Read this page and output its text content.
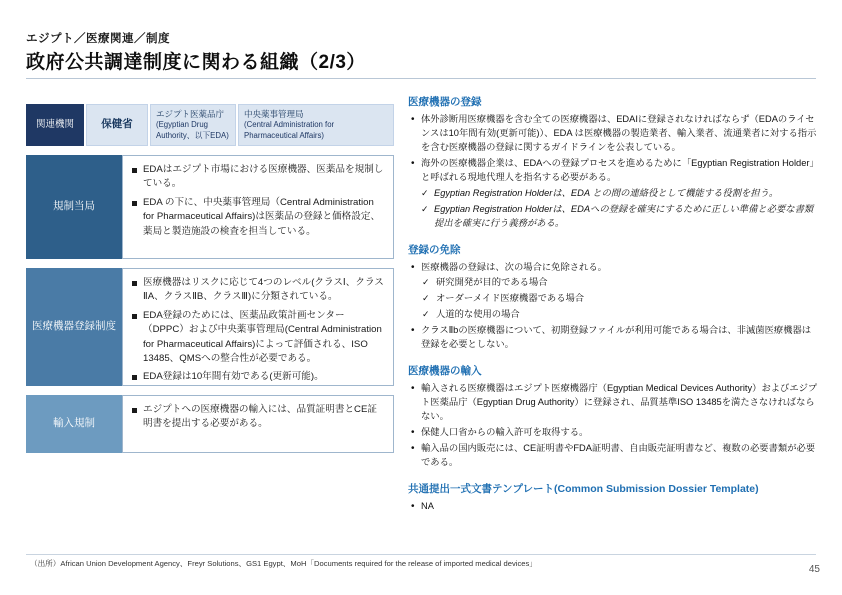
エジプト／医療関連／制度
政府公共調達制度に関わる組織（2/3）
関連機関	保健省
エジプト医薬品庁
(Egyptian Drug Authority、以下EDA)
中央薬事管理局
(Central Administration for Pharmaceutical Affairs)
規制当局
EDAはエジプト市場における医療機器、医薬品を規制している。
EDA の下に、中央薬事管理局（Central Administration for Pharmaceutical Affairs)は医薬品の登録と価格設定、薬局と製造施設の検査を担当している。
医療機器登録制度
医療機器はリスクに応じて4つのレベル(クラスⅠ、クラスⅡA、クラスⅡB、クラスⅢ)に分類されている。
EDA登録のためには、医薬品政策計画センター（DPPC）および中央薬事管理局(Central Administration for Pharmaceutical Affairs)によって評価される、ISO 13485、QMSへの整合性が必要である。
EDA登録は10年間有効である(更新可能)。
輸入規制
エジプトへの医療機器の輸入には、品質証明書とCE証明書を提出する必要がある。
医療機器の登録
• 体外診断用医療機器を含む全ての医療機器は、EDAIに登録されなければならず（EDAのライセンスは10年間有効(更新可能)）、EDA は医療機器の製造業者、輸入業者、流通業者に対する指示を含む医療機器の登録に関するガイドラインを公表している。
• 海外の医療機器企業は、EDAへの登録プロセスを進めるために「Egyptian Registration Holder」と呼ばれる現地代理人を指名する必要がある。
✓ Egyptian Registration Holderは、EDA との間の連絡役として機能する役割を担う。
✓ Egyptian Registration Holderは、EDAへの登録を確実にするために正しい準備と必要な書類提出を確実に行う義務がある。
登録の免除
• 医療機器の登録は、次の場合に免除される。
✓ 研究開発が目的である場合
✓ オーダーメイド医療機器である場合
✓ 人道的な使用の場合
• クラスⅡbの医療機器について、初期登録ファイルが利用可能である場合は、非滅菌医療機器は登録を必要としない。
医療機器の輸入
• 輸入される医療機器はエジプト医療機器庁（Egyptian Medical Devices Authority）およびエジプト医薬品庁（Egyptian Drug Authority）に登録され、品質基準ISO 13485を満たさなければならない。
• 保健人口省からの輸入許可を取得する。
• 輸入品の国内販売には、CE証明書やFDA証明書、自由販売証明書など、複数の必要書類が必要である。
共通提出一式文書テンプレート(Common Submission Dossier Template)
• NA
（出所）African Union Development Agency、Freyr Solutions、GS1 Egypt、MoH「Documents required for the release of imported medical devices」
45
